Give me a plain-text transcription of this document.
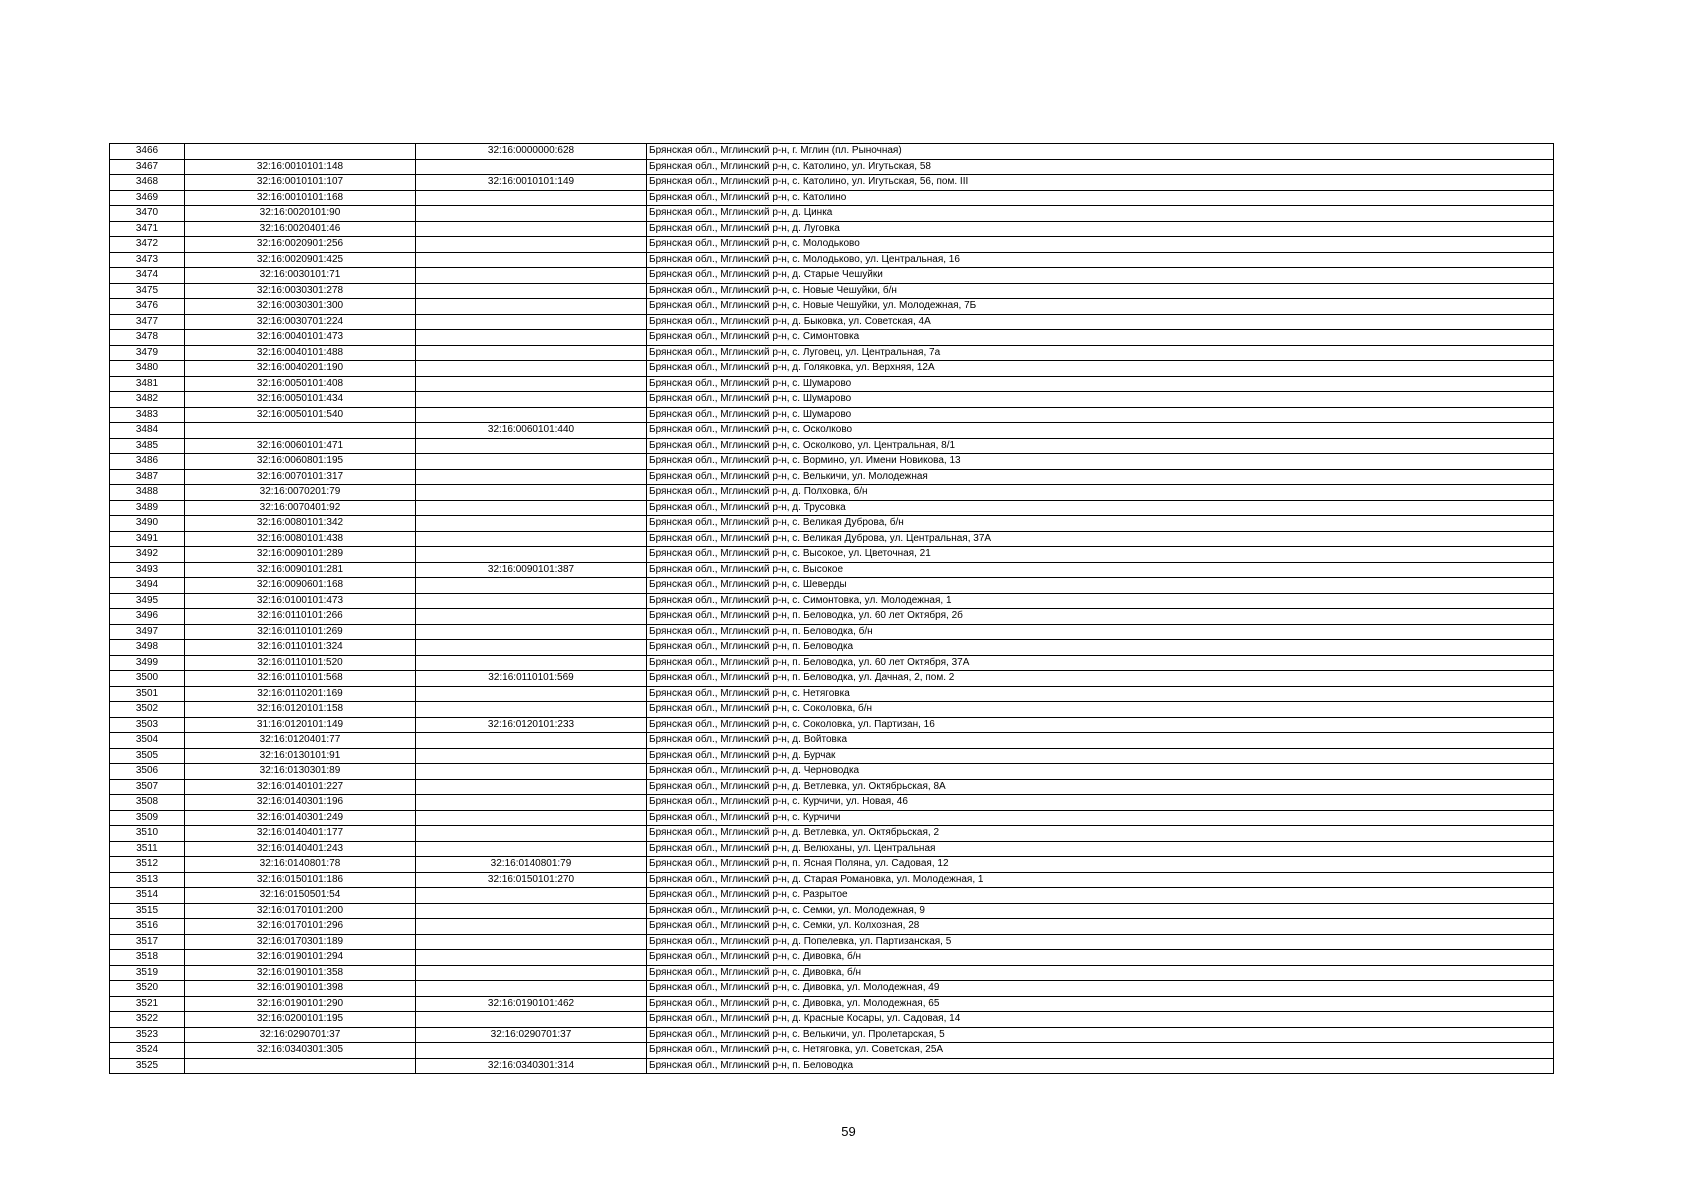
3466		32:16:0000000:628	Брянская обл., Мглинский р-н, г. Мглин (пл. Рыночная)
3467	32:16:0010101:148		Брянская обл., Мглинский р-н, с. Католино, ул. Игутьская, 58
3468	32:16:0010101:107	32:16:0010101:149	Брянская обл., Мглинский р-н, с. Католино, ул. Игутьская, 56, пом. III
3469	32:16:0010101:168		Брянская обл., Мглинский р-н, с. Католино
3470	32:16:0020101:90		Брянская обл., Мглинский р-н, д. Цинка
3471	32:16:0020401:46		Брянская обл., Мглинский р-н, д. Луговка
3472	32:16:0020901:256		Брянская обл., Мглинский р-н, с. Молодьково
3473	32:16:0020901:425		Брянская обл., Мглинский р-н, с. Молодьково, ул. Центральная, 16
3474	32:16:0030101:71		Брянская обл., Мглинский р-н, д. Старые Чешуйки
3475	32:16:0030301:278		Брянская обл., Мглинский р-н, с. Новые Чешуйки, б/н
3476	32:16:0030301:300		Брянская обл., Мглинский р-н, с. Новые Чешуйки, ул. Молодежная, 7Б
3477	32:16:0030701:224		Брянская обл., Мглинский р-н, д. Быковка, ул. Советская, 4А
3478	32:16:0040101:473		Брянская обл., Мглинский р-н, с. Симонтовка
3479	32:16:0040101:488		Брянская обл., Мглинский р-н, с. Луговец, ул. Центральная, 7а
3480	32:16:0040201:190		Брянская обл., Мглинский р-н, д. Голяковка, ул. Верхняя, 12А
3481	32:16:0050101:408		Брянская обл., Мглинский р-н, с. Шумарово
3482	32:16:0050101:434		Брянская обл., Мглинский р-н, с. Шумарово
3483	32:16:0050101:540		Брянская обл., Мглинский р-н, с. Шумарово
3484		32:16:0060101:440	Брянская обл., Мглинский р-н, с. Осколково
3485	32:16:0060101:471		Брянская обл., Мглинский р-н, с. Осколково, ул. Центральная, 8/1
3486	32:16:0060801:195		Брянская обл., Мглинский р-н, с. Вормино, ул. Имени Новикова, 13
3487	32:16:0070101:317		Брянская обл., Мглинский р-н, с. Велькичи, ул. Молодежная
3488	32:16:0070201:79		Брянская обл., Мглинский р-н, д. Полховка, б/н
3489	32:16:0070401:92		Брянская обл., Мглинский р-н, д. Трусовка
3490	32:16:0080101:342		Брянская обл., Мглинский р-н, с. Великая Дуброва, б/н
3491	32:16:0080101:438		Брянская обл., Мглинский р-н, с. Великая Дуброва, ул. Центральная, 37А
3492	32:16:0090101:289		Брянская обл., Мглинский р-н, с. Высокое, ул. Цветочная, 21
3493	32:16:0090101:281	32:16:0090101:387	Брянская обл., Мглинский р-н, с. Высокое
3494	32:16:0090601:168		Брянская обл., Мглинский р-н, с. Шеверды
3495	32:16:0100101:473		Брянская обл., Мглинский р-н, с. Симонтовка, ул. Молодежная, 1
3496	32:16:0110101:266		Брянская обл., Мглинский р-н, п. Беловодка, ул. 60 лет Октября, 2б
3497	32:16:0110101:269		Брянская обл., Мглинский р-н, п. Беловодка, б/н
3498	32:16:0110101:324		Брянская обл., Мглинский р-н, п. Беловодка
3499	32:16:0110101:520		Брянская обл., Мглинский р-н, п. Беловодка, ул. 60 лет Октября, 37А
3500	32:16:0110101:568	32:16:0110101:569	Брянская обл., Мглинский р-н, п. Беловодка, ул. Дачная, 2, пом. 2
3501	32:16:0110201:169		Брянская обл., Мглинский р-н, с. Нетяговка
3502	32:16:0120101:158		Брянская обл., Мглинский р-н, с. Соколовка, б/н
3503	31:16:0120101:149	32:16:0120101:233	Брянская обл., Мглинский р-н, с. Соколовка, ул. Партизан, 16
3504	32:16:0120401:77		Брянская обл., Мглинский р-н, д. Войтовка
3505	32:16:0130101:91		Брянская обл., Мглинский р-н, д. Бурчак
3506	32:16:0130301:89		Брянская обл., Мглинский р-н, д. Черноводка
3507	32:16:0140101:227		Брянская обл., Мглинский р-н, д. Ветлевка, ул. Октябрьская, 8А
3508	32:16:0140301:196		Брянская обл., Мглинский р-н, с. Курчичи, ул. Новая, 46
3509	32:16:0140301:249		Брянская обл., Мглинский р-н, с. Курчичи
3510	32:16:0140401:177		Брянская обл., Мглинский р-н, д. Ветлевка, ул. Октябрьская, 2
3511	32:16:0140401:243		Брянская обл., Мглинский р-н, д. Велюханы, ул. Центральная
3512	32:16:0140801:78	32:16:0140801:79	Брянская обл., Мглинский р-н, п. Ясная Поляна, ул. Садовая, 12
3513	32:16:0150101:186	32:16:0150101:270	Брянская обл., Мглинский р-н, д. Старая Романовка, ул. Молодежная, 1
3514	32:16:0150501:54		Брянская обл., Мглинский р-н, с. Разрытое
3515	32:16:0170101:200		Брянская обл., Мглинский р-н, с. Семки, ул. Молодежная, 9
3516	32:16:0170101:296		Брянская обл., Мглинский р-н, с. Семки, ул. Колхозная, 28
3517	32:16:0170301:189		Брянская обл., Мглинский р-н, д. Попелевка, ул. Партизанская, 5
3518	32:16:0190101:294		Брянская обл., Мглинский р-н, с. Дивовка, б/н
3519	32:16:0190101:358		Брянская обл., Мглинский р-н, с. Дивовка, б/н
3520	32:16:0190101:398		Брянская обл., Мглинский р-н, с. Дивовка, ул. Молодежная, 49
3521	32:16:0190101:290	32:16:0190101:462	Брянская обл., Мглинский р-н, с. Дивовка, ул. Молодежная, 65
3522	32:16:0200101:195		Брянская обл., Мглинский р-н, д. Красные Косары, ул. Садовая, 14
3523	32:16:0290701:37	32:16:0290701:37	Брянская обл., Мглинский р-н, с. Велькичи, ул. Пролетарская, 5
3524	32:16:0340301:305		Брянская обл., Мглинский р-н, с. Нетяговка, ул. Советская, 25А
3525		32:16:0340301:314	Брянская обл., Мглинский р-н, п. Беловодка
59
